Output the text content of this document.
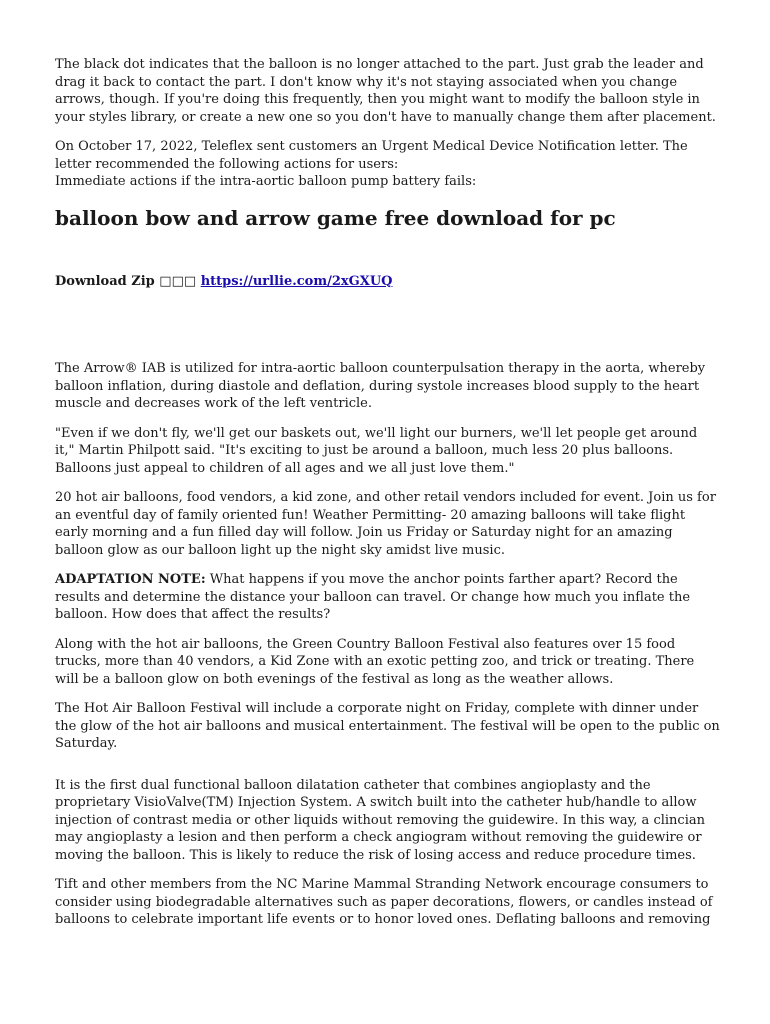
The black dot indicates that the balloon is no longer attached to the part. Just grab the leader and drag it back to contact the part. I don't know why it's not staying associated when you change arrows, though. If you're doing this frequently, then you might want to modify the balloon style in your styles library, or create a new one so you don't have to manually change them after placement.

On October 17, 2022, Teleflex sent customers an Urgent Medical Device Notification letter. The letter recommended the following actions for users:
Immediate actions if the intra-aortic balloon pump battery fails:

balloon bow and arrow game free download for pc

Download Zip □□□ https://urllie.com/2xGXUQ

The Arrow® IAB is utilized for intra-aortic balloon counterpulsation therapy in the aorta, whereby balloon inflation, during diastole and deflation, during systole increases blood supply to the heart muscle and decreases work of the left ventricle.

"Even if we don't fly, we'll get our baskets out, we'll light our burners, we'll let people get around it," Martin Philpott said. "It's exciting to just be around a balloon, much less 20 plus balloons. Balloons just appeal to children of all ages and we all just love them."

20 hot air balloons, food vendors, a kid zone, and other retail vendors included for event. Join us for an eventful day of family oriented fun! Weather Permitting- 20 amazing balloons will take flight early morning and a fun filled day will follow. Join us Friday or Saturday night for an amazing balloon glow as our balloon light up the night sky amidst live music.

ADAPTATION NOTE: What happens if you move the anchor points farther apart? Record the results and determine the distance your balloon can travel. Or change how much you inflate the balloon. How does that affect the results?

Along with the hot air balloons, the Green Country Balloon Festival also features over 15 food trucks, more than 40 vendors, a Kid Zone with an exotic petting zoo, and trick or treating. There will be a balloon glow on both evenings of the festival as long as the weather allows.

The Hot Air Balloon Festival will include a corporate night on Friday, complete with dinner under the glow of the hot air balloons and musical entertainment. The festival will be open to the public on Saturday.

It is the first dual functional balloon dilatation catheter that combines angioplasty and the proprietary VisioValve(TM) Injection System. A switch built into the catheter hub/handle to allow injection of contrast media or other liquids without removing the guidewire. In this way, a clincian may angioplasty a lesion and then perform a check angiogram without removing the guidewire or moving the balloon. This is likely to reduce the risk of losing access and reduce procedure times.

Tift and other members from the NC Marine Mammal Stranding Network encourage consumers to consider using biodegradable alternatives such as paper decorations, flowers, or candles instead of balloons to celebrate important life events or to honor loved ones. Deflating balloons and removing
